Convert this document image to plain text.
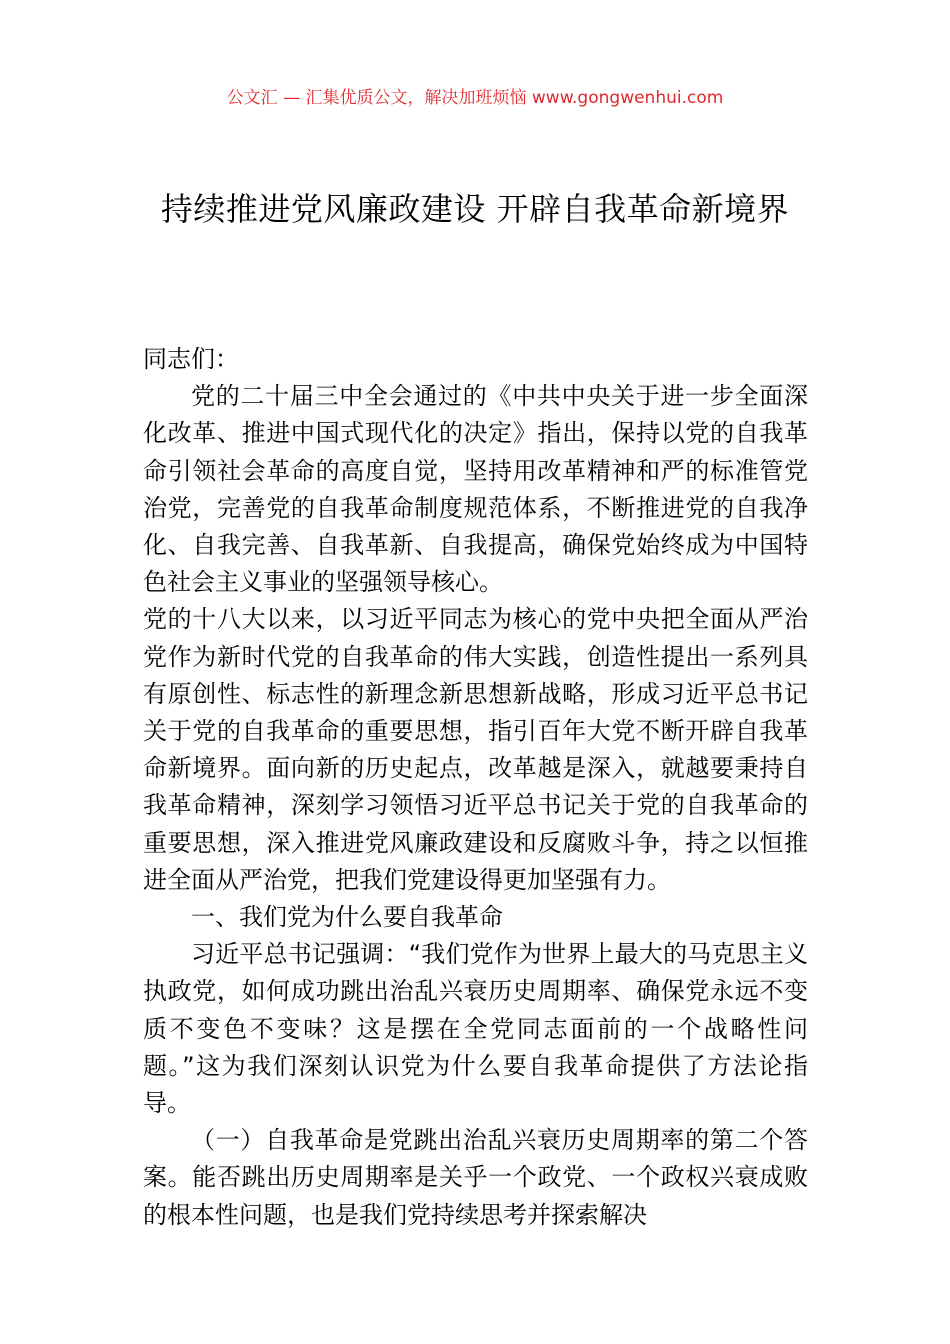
公文汇 — 汇集优质公文，解决加班烦恼 www.gongwenhui.com
持续推进党风廉政建设 开辟自我革命新境界

同志们：

党的二十届三中全会通过的《中共中央关于进一步全面深化改革、推进中国式现代化的决定》指出，保持以党的自我革命引领社会革命的高度自觉，坚持用改革精神和严的标准管党治党，完善党的自我革命制度规范体系，不断推进党的自我净化、自我完善、自我革新、自我提高，确保党始终成为中国特色社会主义事业的坚强领导核心。

党的十八大以来，以习近平同志为核心的党中央把全面从严治党作为新时代党的自我革命的伟大实践，创造性提出一系列具有原创性、标志性的新理念新思想新战略，形成习近平总书记关于党的自我革命的重要思想，指引百年大党不断开辟自我革命新境界。面向新的历史起点，改革越是深入，就越要秉持自我革命精神，深刻学习领悟习近平总书记关于党的自我革命的重要思想，深入推进党风廉政建设和反腐败斗争，持之以恒推进全面从严治党，把我们党建设得更加坚强有力。

一、我们党为什么要自我革命

习近平总书记强调：“我们党作为世界上最大的马克思主义执政党，如何成功跳出治乱兴衰历史周期率、确保党永远不变质不变色不变味？这是摆在全党同志面前的一个战略性问题。”这为我们深刻认识党为什么要自我革命提供了方法论指导。

（一）自我革命是党跳出治乱兴衰历史周期率的第二个答案。能否跳出历史周期率是关乎一个政党、一个政权兴衰成败的根本性问题，也是我们党持续思考并探索解决
